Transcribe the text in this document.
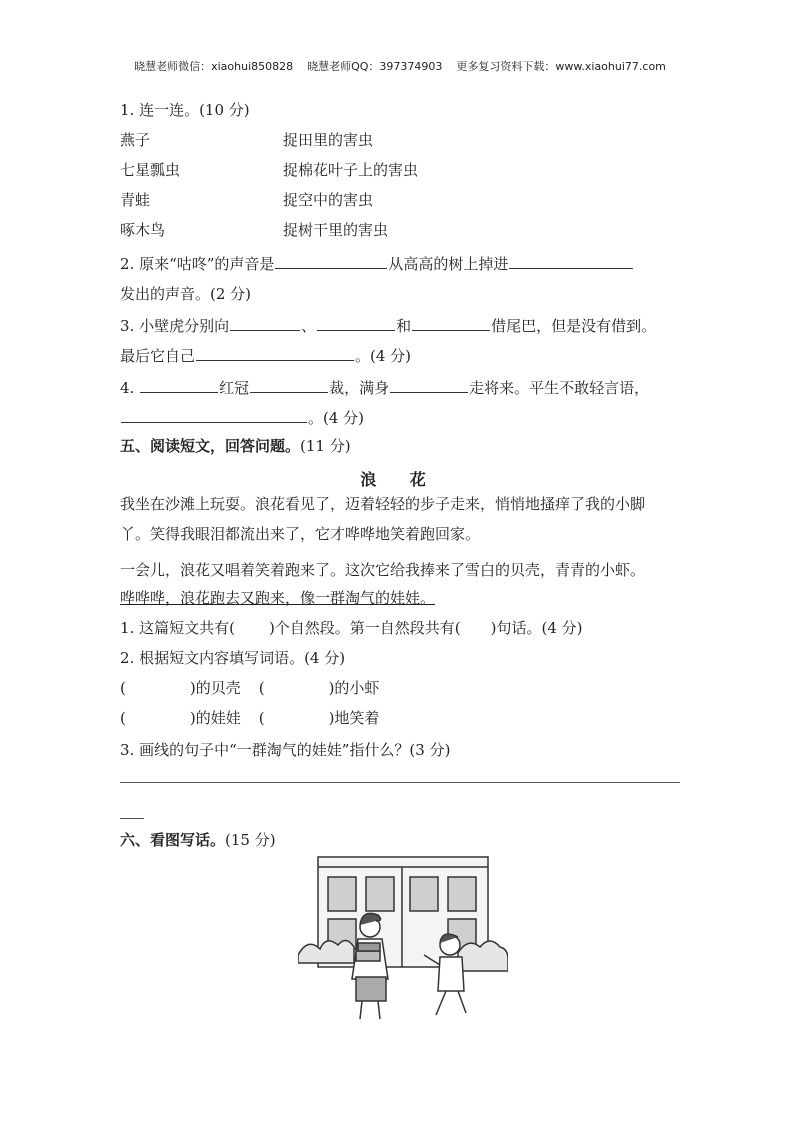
晓慧老师微信：xiaohui850828    晓慧老师QQ：397374903    更多复习资料下载：www.xiaohui77.com
1. 连一连。(10 分)
燕子	捉田里的害虫
七星瓢虫	捉棉花叶子上的害虫
青蛙	捉空中的害虫
啄木鸟	捉树干里的害虫
2. 原来“咕咚”的声音是	从高高的树上掉进
发出的声音。(2 分)
3. 小壁虎分别向	、	和	借尾巴，但是没有借到。
最后它自己	。(4 分)
4.	红冠	裁，满身	走将来。平生不敢轻言语，
。(4 分)
五、阅读短文，回答问题。(11 分)
浪 花
我坐在沙滩上玩耍。浪花看见了，迈着轻轻的步子走来，悄悄地搔痒了我的小脚
丫。笑得我眼泪都流出来了，它才哗哗地笑着跑回家。
一会儿，浪花又唱着笑着跑来了。这次它给我捧来了雪白的贝壳，青青的小虾。
哗哗哗，浪花跑去又跑来，像一群淘气的娃娃。
1. 这篇短文共有( )个自然段。第一自然段共有( )句话。(4 分)
2. 根据短文内容填写词语。(4 分)
(	)的贝壳 (	)的小虾
(	)的娃娃 (	)地笑着
3. 画线的句子中“一群淘气的娃娃”指什么？(3 分)
六、看图写话。(15 分)
